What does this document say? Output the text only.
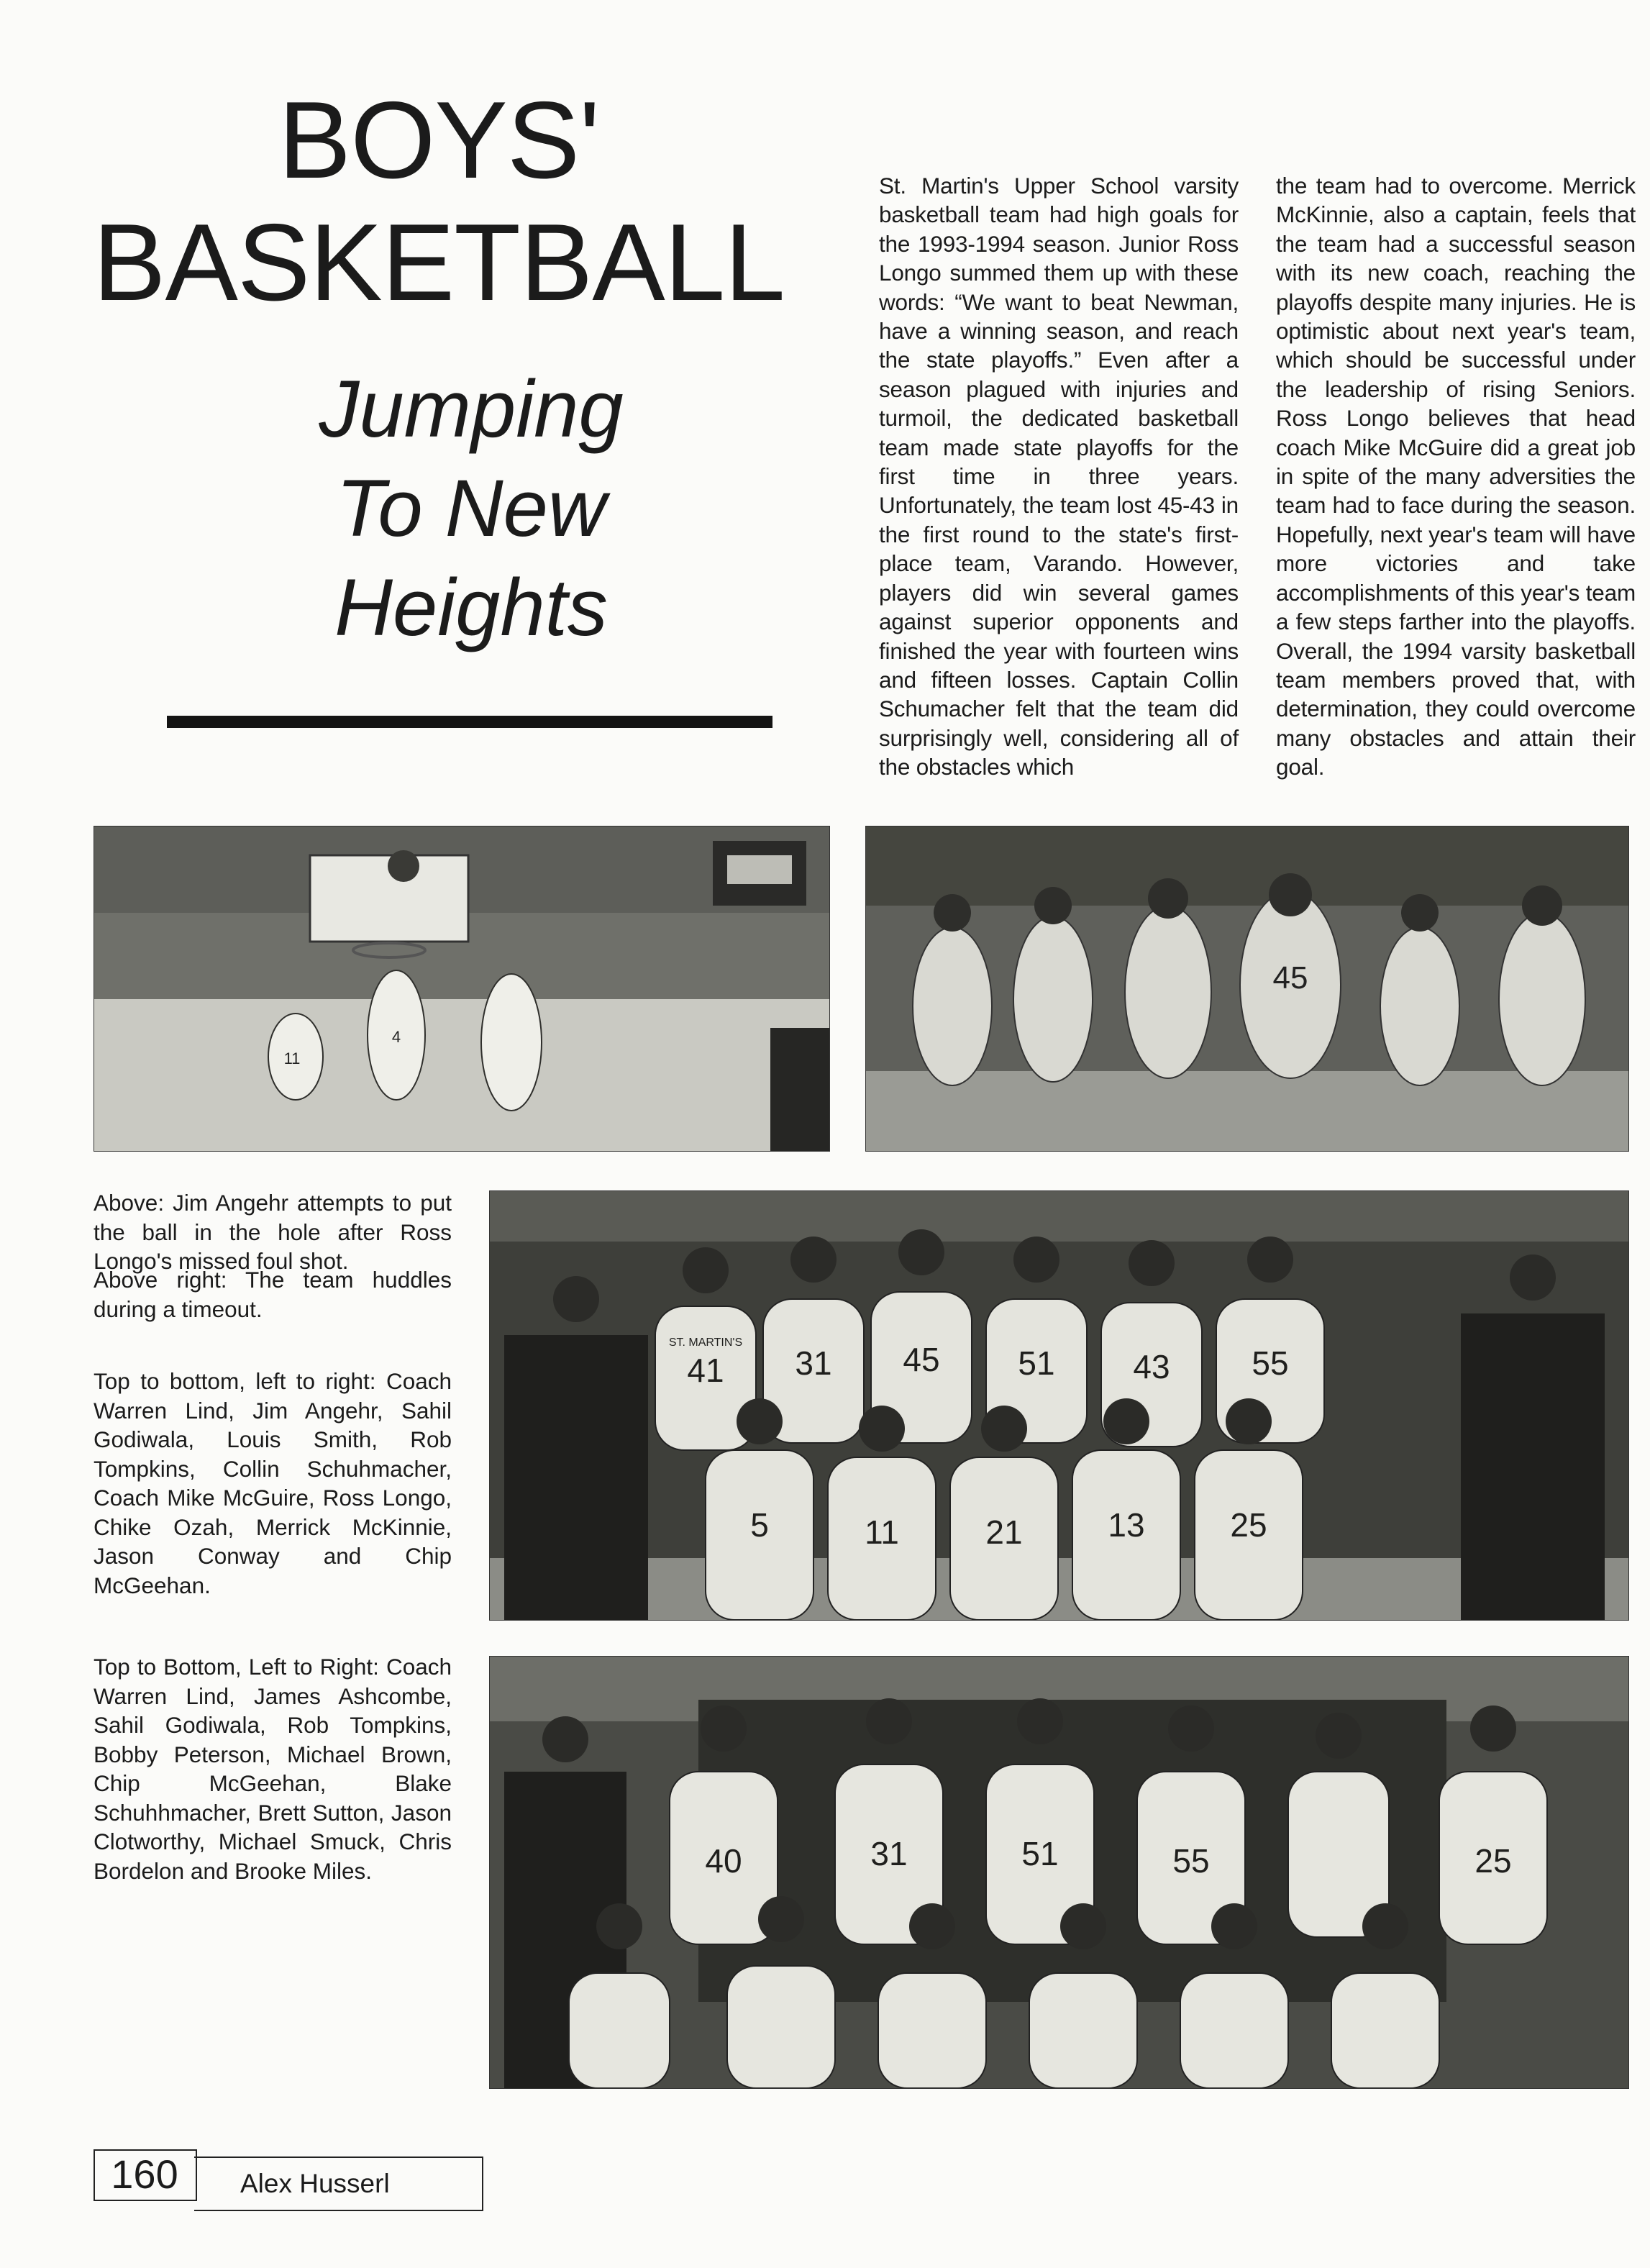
BOYS'
BASKETBALL
Jumping
To New
Heights

St. Martin's Upper School varsity basketball team had high goals for the 1993-1994 season. Junior Ross Longo summed them up with these words: “We want to beat Newman, have a winning season, and reach the state playoffs.” Even after a season plagued with injuries and turmoil, the dedicated basketball team made state playoffs for the first time in three years. Unfortunately, the team lost 45-43 in the first round to the state's first-place team, Varando. However, players did win several games against superior opponents and finished the year with fourteen wins and fifteen losses. Captain Collin Schumacher felt that the team did surprisingly well, considering all of the obstacles which

the team had to overcome. Merrick McKinnie, also a captain, feels that the team had a successful season with its new coach, reaching the playoffs despite many injuries. He is optimistic about next year's team, which should be successful under the leadership of rising Seniors. Ross Longo believes that head coach Mike McGuire did a great job in spite of the many adversities the team had to face during the season. Hopefully, next year's team will have more victories and take accomplishments of this year's team a few steps farther into the playoffs. Overall, the 1994 varsity basketball team members proved that, with determination, they could overcome many obstacles and attain their goal.

11
4
45
ST. MARTIN'S
41 31 45 51 43 55
5	11	21	13	25
40	31	51	55	25

Above: Jim Angehr attempts to put the ball in the hole after Ross Longo's missed foul shot.

Above right: The team huddles during a timeout.

Top to bottom, left to right: Coach Warren Lind, Jim Angehr, Sahil Godiwala, Louis Smith, Rob Tompkins, Collin Schuhmacher, Coach Mike McGuire, Ross Longo, Chike Ozah, Merrick McKinnie, Jason Conway and Chip McGeehan.

Top to Bottom, Left to Right: Coach Warren Lind, James Ashcombe, Sahil Godiwala, Rob Tompkins, Bobby Peterson, Michael Brown, Chip McGeehan, Blake Schuhhmacher, Brett Sutton, Jason Clotworthy, Michael Smuck, Chris Bordelon and Brooke Miles.

160	Alex Husserl
